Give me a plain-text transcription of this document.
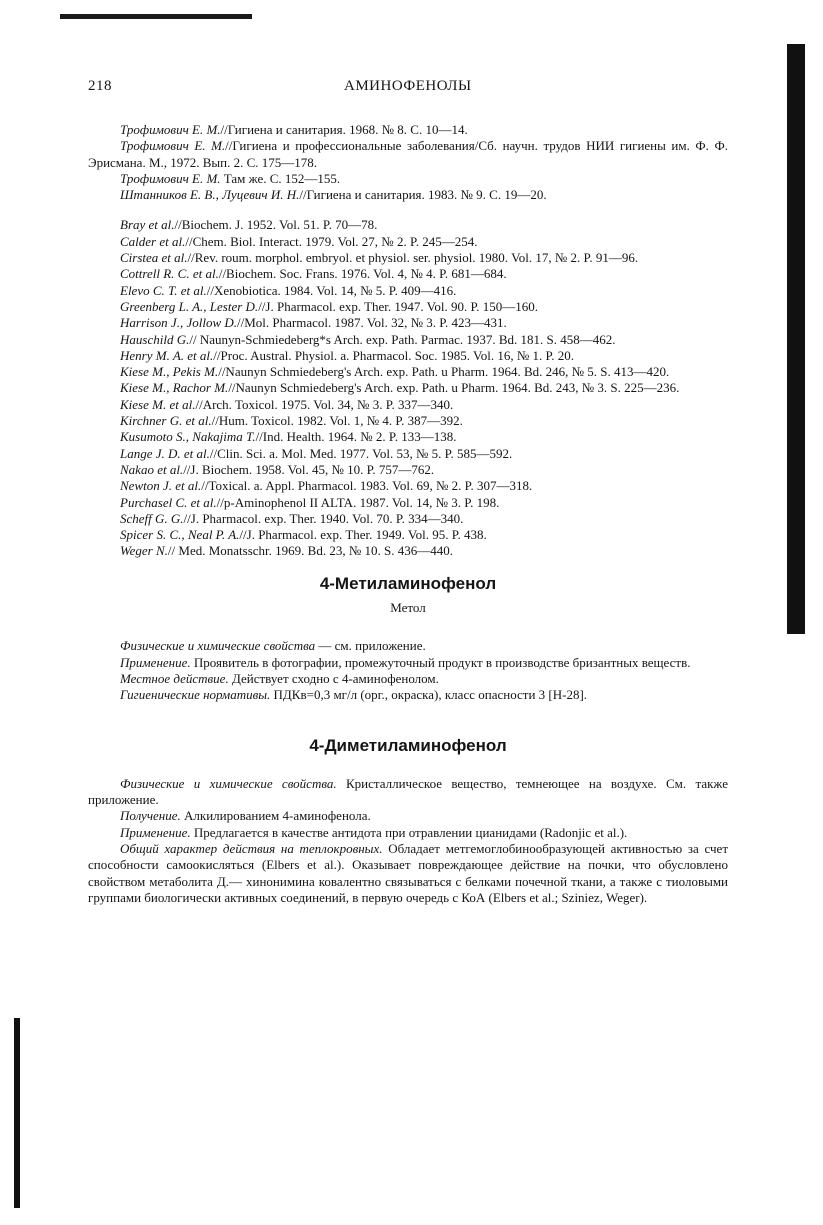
218	АМИНОФЕНОЛЫ

Трофимович Е. М.//Гигиена и санитария. 1968. № 8. С. 10—14.

Трофимович Е. М.//Гигиена и профессиональные заболевания/Сб. научн. трудов НИИ гигиены им. Ф. Ф. Эрисмана. М., 1972. Вып. 2. С. 175—178.

Трофимович Е. М. Там же. С. 152—155.

Штанников Е. В., Луцевич И. Н.//Гигиена и санитария. 1983. № 9. С. 19—20.

Bray et al.//Biochem. J. 1952. Vol. 51. P. 70—78.

Calder et al.//Chem. Biol. Interact. 1979. Vol. 27, № 2. P. 245—254.

Cirstea et al.//Rev. roum. morphol. embryol. et physiol. ser. physiol. 1980. Vol. 17, № 2. P. 91—96.

Cottrell R. C. et al.//Biochem. Soc. Frans. 1976. Vol. 4, № 4. P. 681—684.

Elevo C. T. et al.//Xenobiotica. 1984. Vol. 14, № 5. P. 409—416.

Greenberg L. A., Lester D.//J. Pharmacol. exp. Ther. 1947. Vol. 90. P. 150—160.

Harrison J., Jollow D.//Mol. Pharmacol. 1987. Vol. 32, № 3. P. 423—431.

Hauschild G.// Naunyn-Schmiedeberg*s Arch. exp. Path. Parmac. 1937. Bd. 181. S. 458—462.

Henry M. A. et al.//Proc. Austral. Physiol. a. Pharmacol. Soc. 1985. Vol. 16, № 1. P. 20.

Kiese M., Pekis M.//Naunyn Schmiedeberg's Arch. exp. Path. u Pharm. 1964. Bd. 246, № 5. S. 413—420.

Kiese M., Rachor M.//Naunyn Schmiedeberg's Arch. exp. Path. u Pharm. 1964. Bd. 243, № 3. S. 225—236.

Kiese M. et al.//Arch. Toxicol. 1975. Vol. 34, № 3. P. 337—340.

Kirchner G. et al.//Hum. Toxicol. 1982. Vol. 1, № 4. P. 387—392.

Kusumoto S., Nakajima T.//Ind. Health. 1964. № 2. P. 133—138.

Lange J. D. et al.//Clin. Sci. a. Mol. Med. 1977. Vol. 53, № 5. P. 585—592.

Nakao et al.//J. Biochem. 1958. Vol. 45, № 10. P. 757—762.

Newton J. et al.//Toxical. a. Appl. Pharmacol. 1983. Vol. 69, № 2. P. 307—318.

Purchasel C. et al.//p-Aminophenol II ALTA. 1987. Vol. 14, № 3. P. 198.

Scheff G. G.//J. Pharmacol. exp. Ther. 1940. Vol. 70. P. 334—340.

Spicer S. C., Neal P. A.//J. Pharmacol. exp. Ther. 1949. Vol. 95. P. 438.

Weger N.// Med. Monatsschr. 1969. Bd. 23, № 10. S. 436—440.

4-Метиламинофенол
Метол

Физические и химические свойства — см. приложение.

Применение. Проявитель в фотографии, промежуточный продукт в производстве бризантных веществ.

Местное действие. Действует сходно с 4-аминофенолом.

Гигиенические нормативы. ПДКв=0,3 мг/л (орг., окраска), класс опасности 3 [Н-28].

4-Диметиламинофенол

Физические и химические свойства. Кристаллическое вещество, темнеющее на воздухе. См. также приложение.

Получение. Алкилированием 4-аминофенола.

Применение. Предлагается в качестве антидота при отравлении цианидами (Radonjic et al.).

Общий характер действия на теплокровных. Обладает метгемоглобинообразующей активностью за счет способности самоокисляться (Elbers et al.). Оказывает повреждающее действие на почки, что обусловлено свойством метаболита Д.— хинонимина ковалентно связываться с белками почечной ткани, а также с тиоловыми группами биологически активных соединений, в первую очередь с КоА (Elbers et al.; Sziniez, Weger).
